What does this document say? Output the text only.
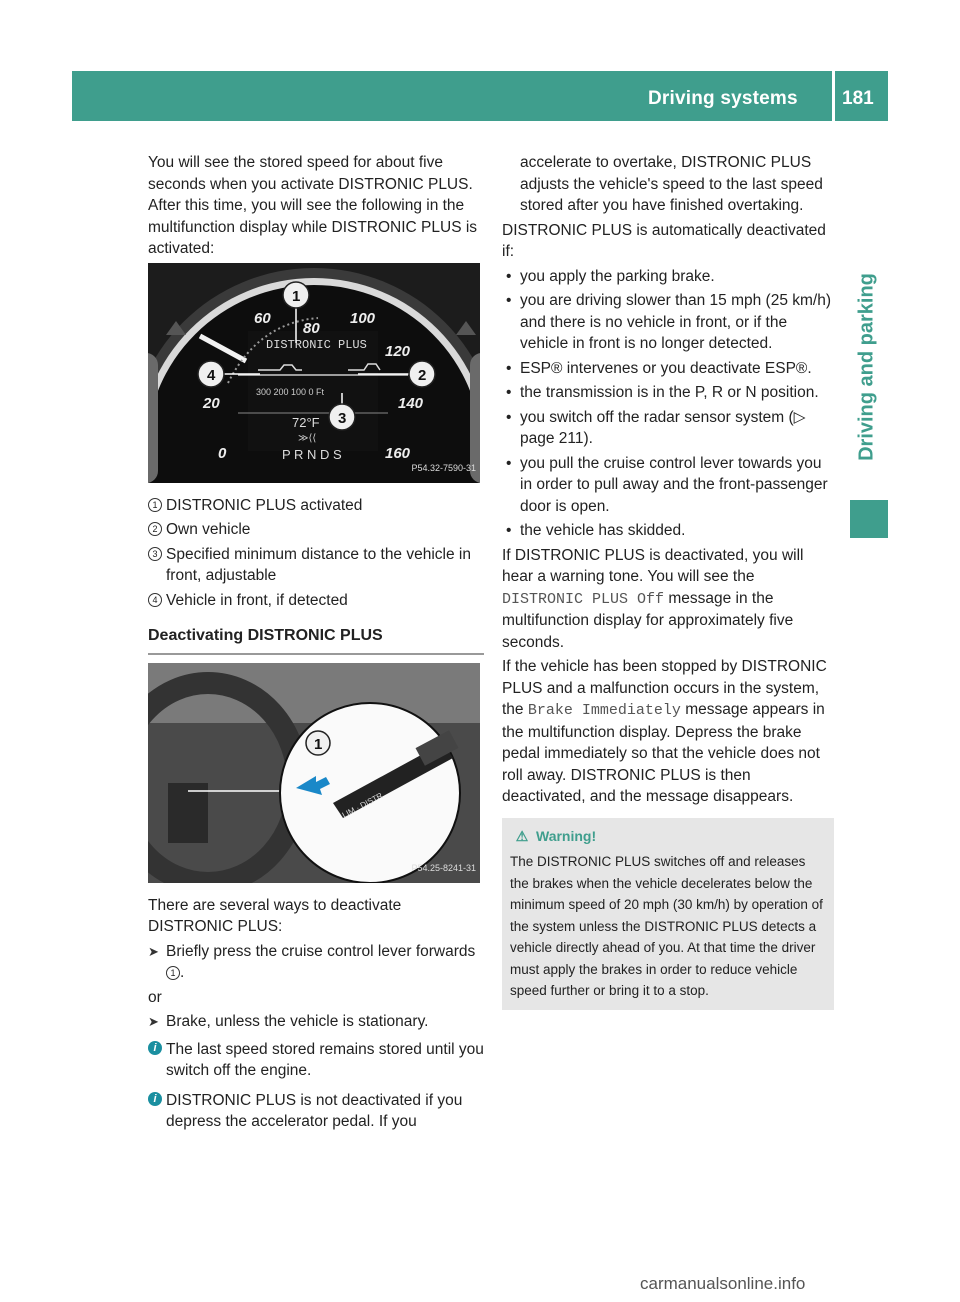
Driving systems 181
Driving and parking

You will see the stored speed for about five seconds when you activate DISTRONIC PLUS. After this time, you will see the following in the multifunction display while DISTRONIC PLUS is activated:

80
60	100
120
140
160
20
0
DISTRONIC PLUS
300 200 100 0 Ft
72°F
≫⟨⟨
P R N D S
1
2
3
4
P54.32-7590-31
1 DISTRONIC PLUS activated
2 Own vehicle
3 Specified minimum distance to the vehicle in front, adjustable
4 Vehicle in front, if detected
Deactivating DISTRONIC PLUS
LIM · DISTR
1
P54.25-8241-31

There are several ways to deactivate DISTRONIC PLUS:

➤ Briefly press the cruise control lever forwards 1 .

or

➤ Brake, unless the vehicle is stationary.
i The last speed stored remains stored until you switch off the engine.
i DISTRONIC PLUS is not deactivated if you depress the accelerator pedal. If you

accelerate to overtake, DISTRONIC PLUS adjusts the vehicle's speed to the last speed stored after you have finished overtaking.

DISTRONIC PLUS is automatically deactivated if:

• you apply the parking brake.
• you are driving slower than 15 mph (25 km/h) and there is no vehicle in front, or if the vehicle in front is no longer detected.
• ESP® intervenes or you deactivate ESP®.
• the transmission is in the P, R or N position.
• you switch off the radar sensor system (▷ page 211).
• you pull the cruise control lever towards you in order to pull away and the front-passenger door is open.
• the vehicle has skidded.

If DISTRONIC PLUS is deactivated, you will hear a warning tone. You will see the DISTRONIC PLUS Off message in the multifunction display for approximately five seconds.

If the vehicle has been stopped by DISTRONIC PLUS and a malfunction occurs in the system, the Brake Immediately message appears in the multifunction display. Depress the brake pedal immediately so that the vehicle does not roll away. DISTRONIC PLUS is then deactivated, and the message disappears.

⚠ Warning!
The DISTRONIC PLUS switches off and releases the brakes when the vehicle decelerates below the minimum speed of 20 mph (30 km/h) by operation of the system unless the DISTRONIC PLUS detects a vehicle directly ahead of you. At that time the driver must apply the brakes in order to reduce vehicle speed further or bring it to a stop.
carmanualsonline.info
